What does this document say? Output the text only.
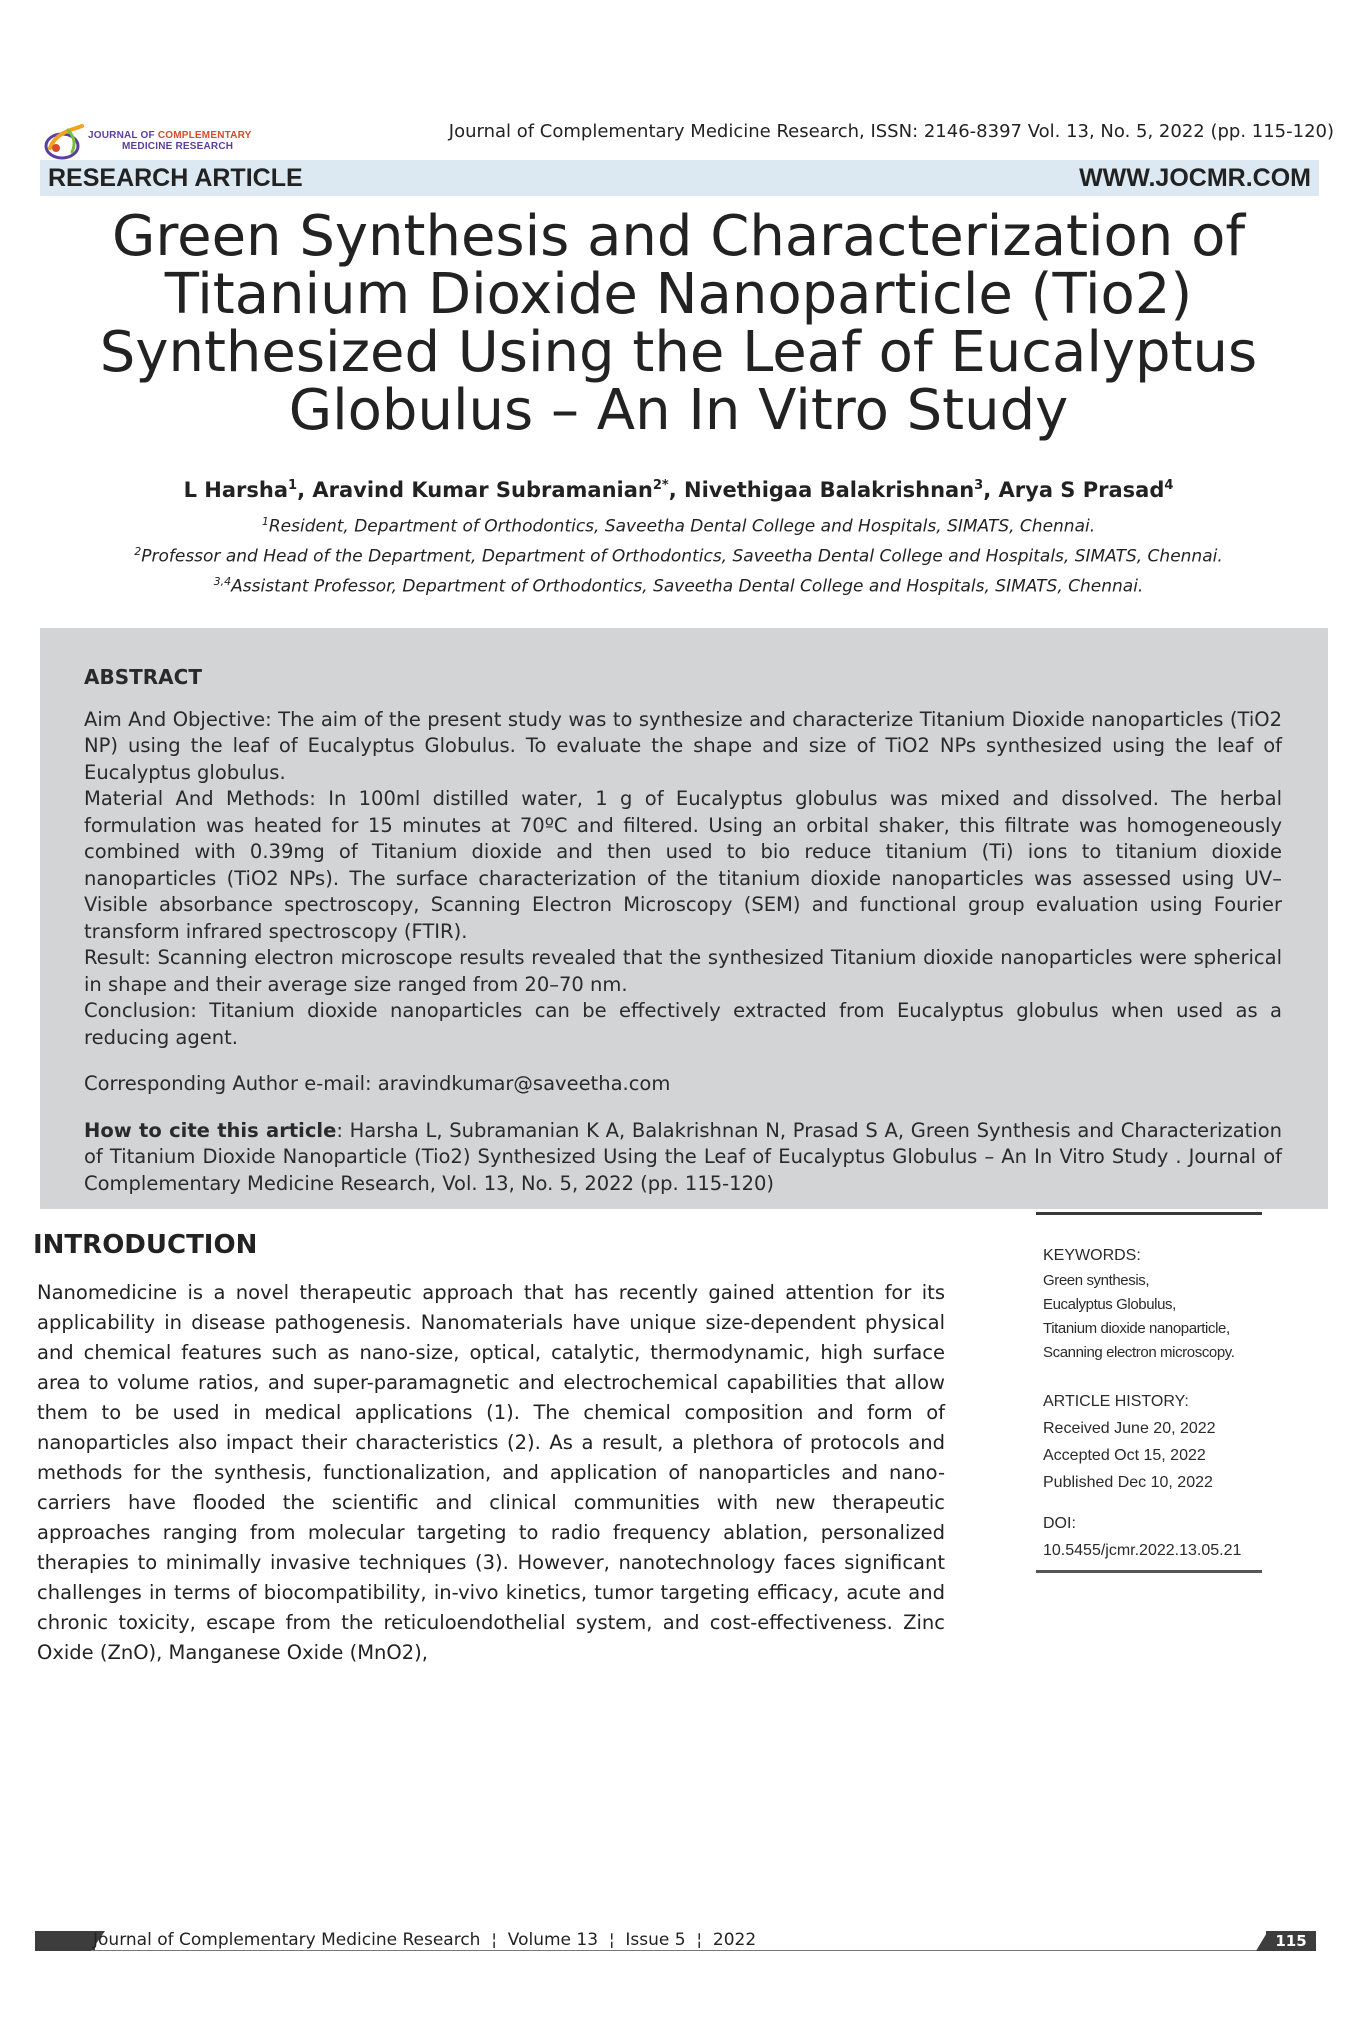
JOURNAL OF COMPLEMENTARY
MEDICINE RESEARCH
Journal of Complementary Medicine Research, ISSN: 2146-8397 Vol. 13, No. 5, 2022 (pp. 115-120)
RESEARCH ARTICLE	WWW.JOCMR.COM
Green Synthesis and Characterization of
Titanium Dioxide Nanoparticle (Tio2)
Synthesized Using the Leaf of Eucalyptus
Globulus – An In Vitro Study
L Harsha$^1$, Aravind Kumar Subramanian$^{2*}$, Nivethigaa Balakrishnan$^3$, Arya S Prasad$^4$
$^1$Resident, Department of Orthodontics, Saveetha Dental College and Hospitals, SIMATS, Chennai.
$^2$Professor and Head of the Department, Department of Orthodontics, Saveetha Dental College and Hospitals, SIMATS, Chennai.
$^{3,4}$Assistant Professor, Department of Orthodontics, Saveetha Dental College and Hospitals, SIMATS, Chennai.
ABSTRACT

Aim And Objective: The aim of the present study was to synthesize and characterize Titanium Dioxide nanoparticles (TiO2 NP) using the leaf of Eucalyptus Globulus. To evaluate the shape and size of TiO2 NPs synthesized using the leaf of Eucalyptus globulus.

Material And Methods: In 100ml distilled water, 1 g of Eucalyptus globulus was mixed and dissolved. The herbal formulation was heated for 15 minutes at 70ºC and filtered. Using an orbital shaker, this filtrate was homogeneously combined with 0.39mg of Titanium dioxide and then used to bio reduce titanium (Ti) ions to titanium dioxide nanoparticles (TiO2 NPs). The surface characterization of the titanium dioxide nanoparticles was assessed using UV–Visible absorbance spectroscopy, Scanning Electron Microscopy (SEM) and functional group evaluation using Fourier transform infrared spectroscopy (FTIR).

Result: Scanning electron microscope results revealed that the synthesized Titanium dioxide nanoparticles were spherical in shape and their average size ranged from 20–70 nm.

Conclusion: Titanium dioxide nanoparticles can be effectively extracted from Eucalyptus globulus when used as a reducing agent.

Corresponding Author e-mail: aravindkumar@saveetha.com

How to cite this article: Harsha L, Subramanian K A, Balakrishnan N, Prasad S A, Green Synthesis and Characterization of Titanium Dioxide Nanoparticle (Tio2) Synthesized Using the Leaf of Eucalyptus Globulus – An In Vitro Study . Journal of Complementary Medicine Research, Vol. 13, No. 5, 2022 (pp. 115-120)

INTRODUCTION
Nanomedicine is a novel therapeutic approach that has recently gained attention for its applicability in disease pathogenesis. Nanomaterials have unique size-dependent physical and chemical features such as nano-size, optical, catalytic, thermodynamic, high surface area to volume ratios, and super-paramagnetic and electrochemical capabilities that allow them to be used in medical applications (1). The chemical composition and form of nanoparticles also impact their characteristics (2). As a result, a plethora of protocols and methods for the synthesis, functionalization, and application of nanoparticles and nano-carriers have flooded the scientific and clinical communities with new therapeutic approaches ranging from molecular targeting to radio frequency ablation, personalized therapies to minimally invasive techniques (3). However, nanotechnology faces significant challenges in terms of biocompatibility, in-vivo kinetics, tumor targeting efficacy, acute and chronic toxicity, escape from the reticuloendothelial system, and cost-effectiveness. Zinc Oxide (ZnO), Manganese Oxide (MnO2),
KEYWORDS:
Green synthesis,
Eucalyptus Globulus,
Titanium dioxide nanoparticle,
Scanning electron microscopy.
ARTICLE HISTORY:
Received June 20, 2022
Accepted Oct 15, 2022
Published Dec 10, 2022
DOI:
10.5455/jcmr.2022.13.05.21
Journal of Complementary Medicine Research  ¦  Volume 13  ¦  Issue 5  ¦  2022	115
